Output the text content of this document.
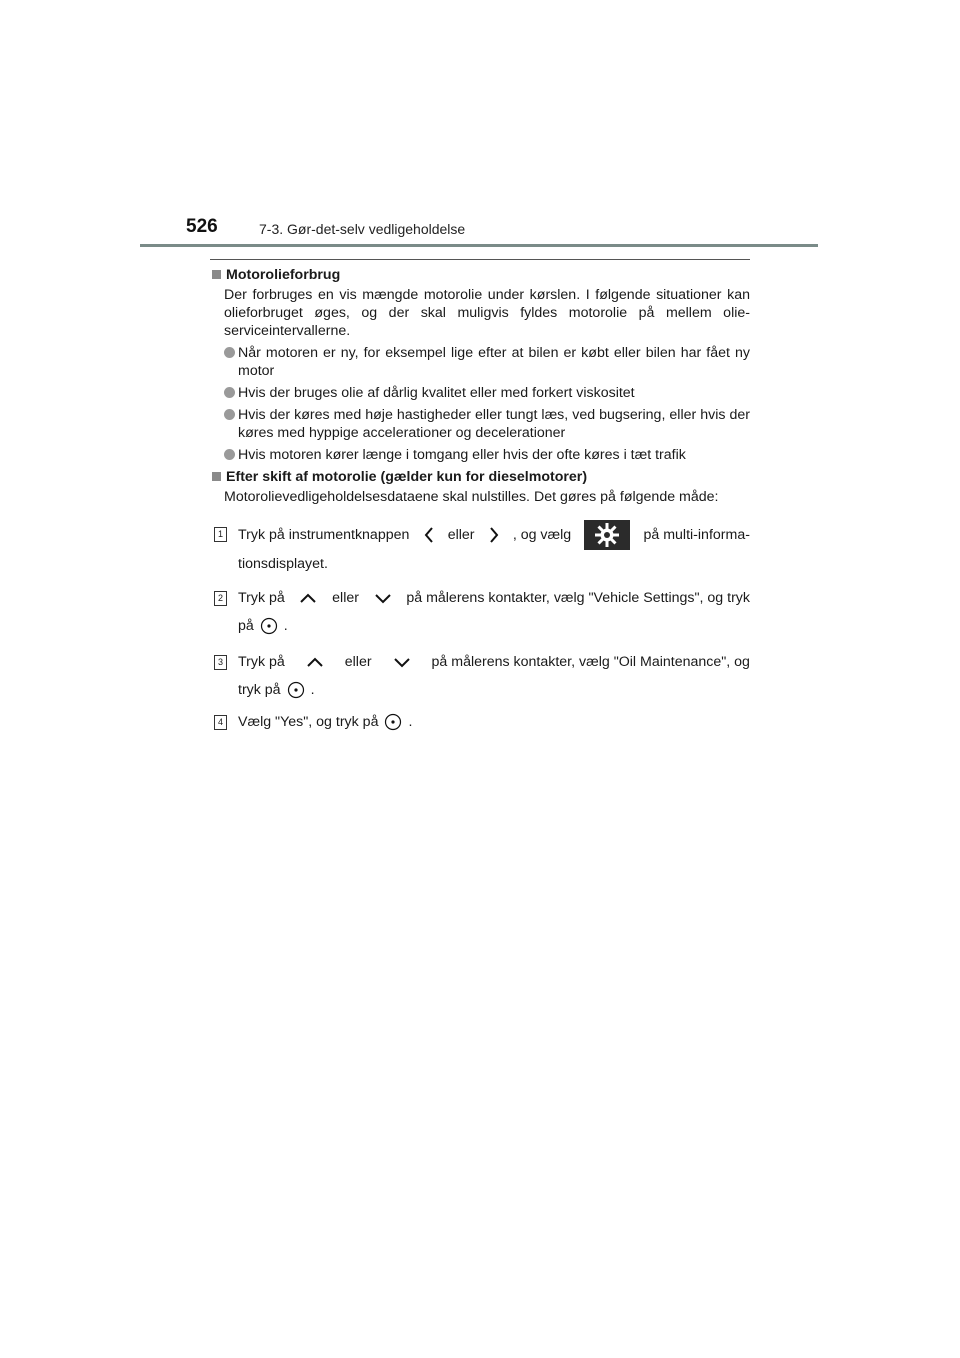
526	7-3. Gør-det-selv vedligeholdelse
Motorolieforbrug
Der forbruges en vis mængde motorolie under kørslen. I følgende situationer kan olieforbruget øges, og der skal muligvis fyldes motorolie på mellem olie-serviceintervallerne.
Når motoren er ny, for eksempel lige efter at bilen er købt eller bilen har fået ny motor
Hvis der bruges olie af dårlig kvalitet eller med forkert viskositet
Hvis der køres med høje hastigheder eller tungt læs, ved bugsering, eller hvis der køres med hyppige accelerationer og decelerationer
Hvis motoren kører længe i tomgang eller hvis der ofte køres i tæt trafik
Efter skift af motorolie (gælder kun for dieselmotorer)
Motorolievedligeholdelsesdataene skal nulstilles. Det gøres på følgende måde:
1 Tryk på instrumentknappen	eller	, og vælg	på multi-informa-
tionsdisplayet.
2 Tryk på	eller	på målerens kontakter, vælg "Vehicle Settings", og tryk
på .
3 Tryk på	eller	på målerens kontakter, vælg "Oil Maintenance", og
tryk på .
4 Vælg "Yes", og tryk på .
